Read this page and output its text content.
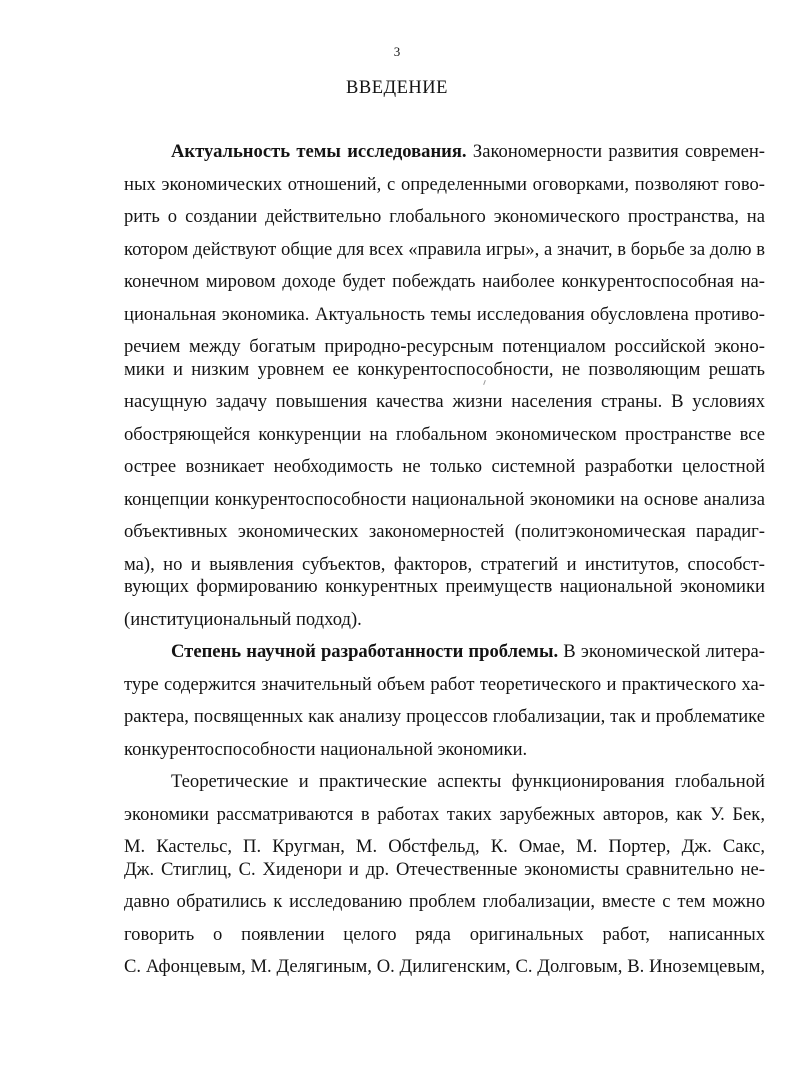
3
ВВЕДЕНИЕ
Актуальность темы исследования. Закономерности развития современ-
ных экономических отношений, с определенными оговорками, позволяют гово-
рить о создании действительно глобального экономического пространства, на
котором действуют общие для всех «правила игры», а значит, в борьбе за долю в
конечном мировом доходе будет побеждать наиболее конкурентоспособная на-
циональная экономика. Актуальность темы исследования обусловлена противо-
речием между богатым природно-ресурсным потенциалом российской эконо-
мики и низким уровнем ее конкурентоспособности, не позволяющим решать
насущную задачу повышения качества жизни населения страны. В условиях
обостряющейся конкуренции на глобальном экономическом пространстве все
острее возникает необходимость не только системной разработки целостной
концепции конкурентоспособности национальной экономики на основе анализа
объективных экономических закономерностей (политэкономическая парадиг-
ма), но и выявления субъектов, факторов, стратегий и институтов, способст-
вующих формированию конкурентных преимуществ национальной экономики
(институциональный подход).
Степень научной разработанности проблемы. В экономической литера-
туре содержится значительный объем работ теоретического и практического ха-
рактера, посвященных как анализу процессов глобализации, так и проблематике
конкурентоспособности национальной экономики.
Теоретические и практические аспекты функционирования глобальной
экономики рассматриваются в работах таких зарубежных авторов, как У. Бек,
М. Кастельс, П. Кругман, М. Обстфельд, К. Омае, М. Портер, Дж. Сакс,
Дж. Стиглиц, С. Хиденори и др. Отечественные экономисты сравнительно не-
давно обратились к исследованию проблем глобализации, вместе с тем можно
говорить о появлении целого ряда оригинальных работ, написанных
С. Афонцевым, М. Делягиным, О. Дилигенским, С. Долговым, В. Иноземцевым,
